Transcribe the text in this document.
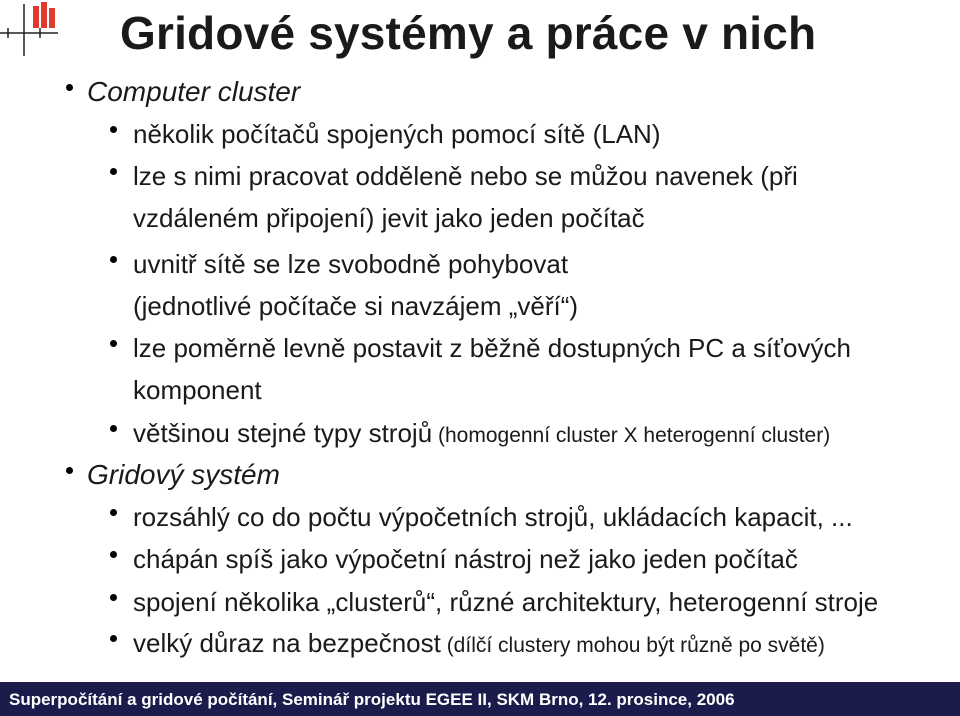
Gridové systémy a práce v nich
Computer cluster
několik počítačů spojených pomocí sítě (LAN)
lze s nimi pracovat odděleně nebo se můžou navenek (při
vzdáleném připojení) jevit jako jeden počítač
uvnitř sítě se lze svobodně pohybovat
(jednotlivé počítače si navzájem „věří“)
lze poměrně levně postavit z běžně dostupných PC a síťových
komponent
většinou stejné typy strojů (homogenní cluster X heterogenní cluster)
Gridový systém
rozsáhlý co do počtu výpočetních strojů, ukládacích kapacit, ...
chápán spíš jako výpočetní nástroj než jako jeden počítač
spojení několika „clusterů“, různé architektury, heterogenní stroje
velký důraz na bezpečnost (dílčí clustery mohou být různě po světě)
Superpočítání a gridové počítání, Seminář projektu EGEE II, SKM Brno, 12. prosince, 2006
